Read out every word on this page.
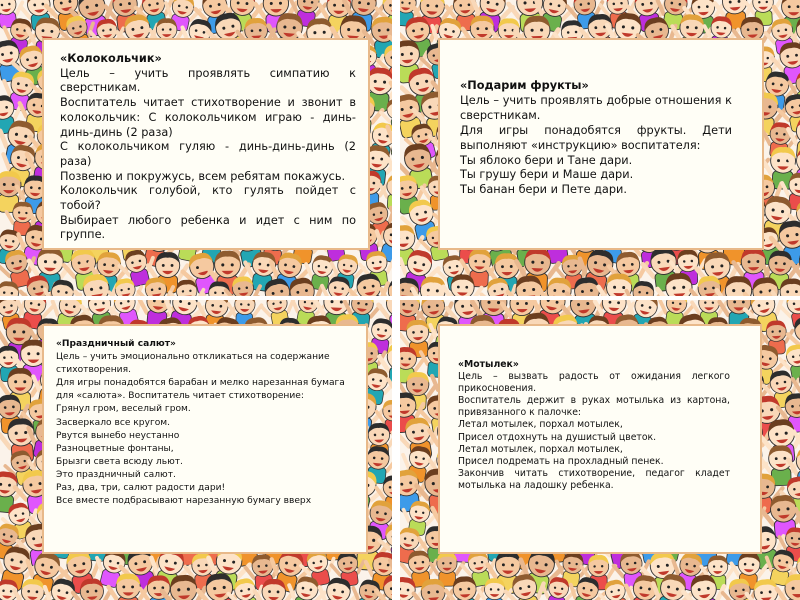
«Колокольчик»
Цель – учить проявлять симпатию к сверстникам.
Воспитатель читает стихотворение и звонит в колокольчик: С колокольчиком играю - динь-динь-динь (2 раза)
С колокольчиком гуляю - динь-динь-динь (2 раза)
Позвеню и покружусь, всем ребятам покажусь.
Колокольчик голубой, кто гулять пойдет с тобой?
Выбирает любого ребенка и идет с ним по группе.
«Подарим фрукты»
Цель – учить проявлять добрые отношения к сверстникам.
Для игры понадобятся фрукты. Дети выполняют «инструкцию» воспитателя:
Ты яблоко бери и Тане дари.
Ты грушу бери и Маше дари.
Ты банан бери и Пете дари.
«Праздничный салют»
Цель – учить эмоционально откликаться на содержание стихотворения.
Для игры понадобятся барабан и мелко нарезанная бумага для «салюта». Воспитатель читает стихотворение:
Грянул гром, веселый гром.
Засверкало все кругом.
Рвутся вынебо неустанно
Разноцветные фонтаны,
Брызги света всюду льют.
Это праздничный салют.
Раз, два, три, салют радости дари!
Все вместе подбрасывают нарезанную бумагу вверх
«Мотылек»
Цель – вызвать радость от ожидания легкого прикосновения.
Воспитатель держит в руках мотылька из картона, привязанного к палочке:
Летал мотылек, порхал мотылек,
Присел отдохнуть на душистый цветок.
Летал мотылек, порхал мотылек,
Присел подремать на прохладный пенек.
Закончив читать стихотворение, педагог кладет мотылька на ладошку ребенка.
